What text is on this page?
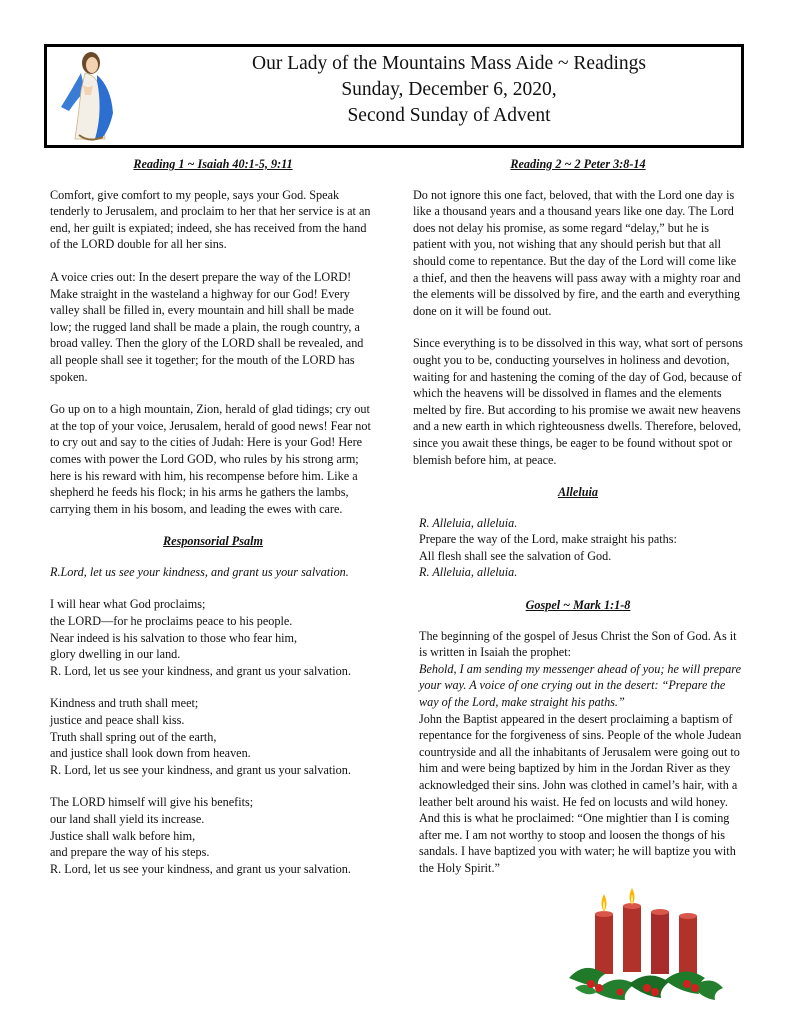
Our Lady of the Mountains Mass Aide ~ Readings
Sunday, December 6, 2020,
Second Sunday of Advent
Reading 1 ~ Isaiah 40:1-5, 9:11
Comfort, give comfort to my people, says your God. Speak tenderly to Jerusalem, and proclaim to her that her service is at an end, her guilt is expiated; indeed, she has received from the hand of the LORD double for all her sins.
A voice cries out: In the desert prepare the way of the LORD! Make straight in the wasteland a highway for our God! Every valley shall be filled in, every mountain and hill shall be made low; the rugged land shall be made a plain, the rough country, a broad valley. Then the glory of the LORD shall be revealed, and all people shall see it together; for the mouth of the LORD has spoken.
Go up on to a high mountain, Zion, herald of glad tidings; cry out at the top of your voice, Jerusalem, herald of good news! Fear not to cry out and say to the cities of Judah: Here is your God! Here comes with power the Lord GOD, who rules by his strong arm; here is his reward with him, his recompense before him. Like a shepherd he feeds his flock; in his arms he gathers the lambs, carrying them in his bosom, and leading the ewes with care.
Responsorial Psalm
R.Lord, let us see your kindness, and grant us your salvation.
I will hear what God proclaims;
the LORD—for he proclaims peace to his people.
Near indeed is his salvation to those who fear him,
glory dwelling in our land.
R. Lord, let us see your kindness, and grant us your salvation.
Kindness and truth shall meet;
justice and peace shall kiss.
Truth shall spring out of the earth,
and justice shall look down from heaven.
R. Lord, let us see your kindness, and grant us your salvation.
The LORD himself will give his benefits;
our land shall yield its increase.
Justice shall walk before him,
and prepare the way of his steps.
R. Lord, let us see your kindness, and grant us your salvation.
Reading 2 ~ 2 Peter 3:8-14
Do not ignore this one fact, beloved, that with the Lord one day is like a thousand years and a thousand years like one day. The Lord does not delay his promise, as some regard “delay,” but he is patient with you, not wishing that any should perish but that all should come to repentance. But the day of the Lord will come like a thief, and then the heavens will pass away with a mighty roar and the elements will be dissolved by fire, and the earth and everything done on it will be found out.
Since everything is to be dissolved in this way, what sort of persons ought you to be, conducting yourselves in holiness and devotion, waiting for and hastening the coming of the day of God, because of which the heavens will be dissolved in flames and the elements melted by fire. But according to his promise we await new heavens and a new earth in which righteousness dwells. Therefore, beloved, since you await these things, be eager to be found without spot or blemish before him, at peace.
Alleluia
R. Alleluia, alleluia.
Prepare the way of the Lord, make straight his paths:
All flesh shall see the salvation of God.
R. Alleluia, alleluia.
Gospel ~ Mark 1:1-8

The beginning of the gospel of Jesus Christ the Son of God. As it is written in Isaiah the prophet:

Behold, I am sending my messenger ahead of you; he will prepare your way. A voice of one crying out in the desert: “Prepare the way of the Lord, make straight his paths.”

John the Baptist appeared in the desert proclaiming a baptism of repentance for the forgiveness of sins. People of the whole Judean countryside and all the inhabitants of Jerusalem were going out to him and were being baptized by him in the Jordan River as they acknowledged their sins. John was clothed in camel’s hair, with a leather belt around his waist. He fed on locusts and wild honey. And this is what he proclaimed: “One mightier than I is coming after me. I am not worthy to stoop and loosen the thongs of his sandals. I have baptized you with water; he will baptize you with the Holy Spirit.”
